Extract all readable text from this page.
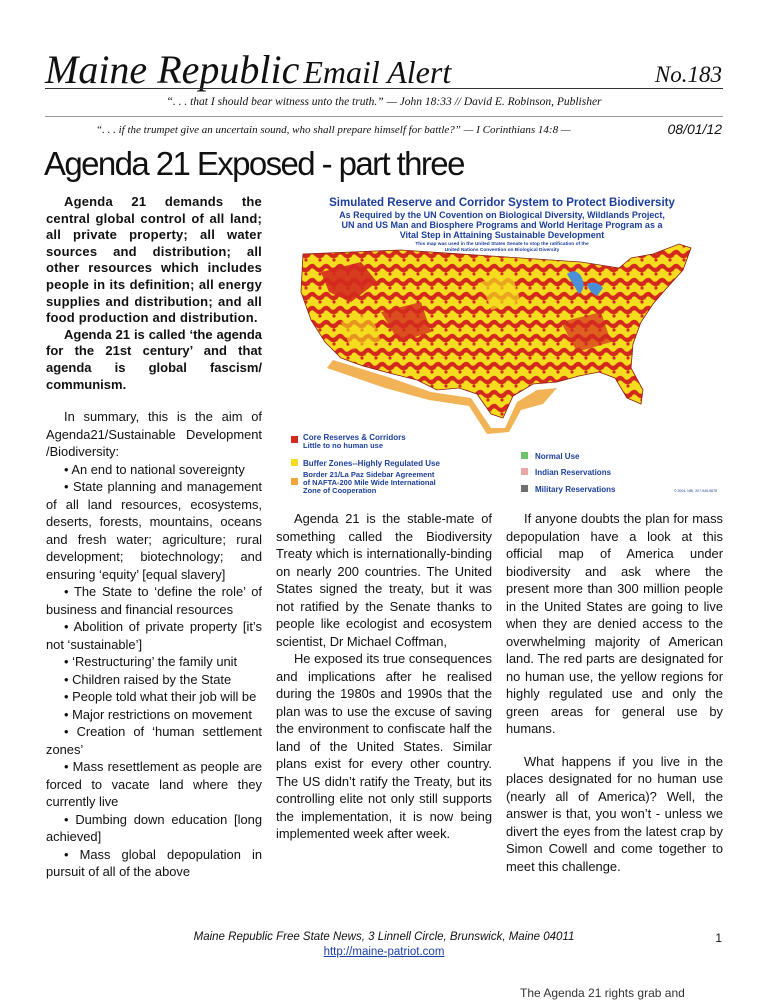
Maine Republic Email Alert	No.183
“. . . that I should bear witness unto the truth.” — John 18:33 // David E. Robinson, Publisher
“. . . if the trumpet give an uncertain sound, who shall prepare himself for battle?” — I Corinthians 14:8 —	08/01/12
Agenda 21 Exposed - part three

Agenda 21 demands the central global control of all land; all private property; all water sources and distribution; all other resources which includes people in its definition; all energy supplies and distribution; and all food production and distribution.

Agenda 21 is called ‘the agenda for the 21st century’ and that agenda is global fascism/ communism.

In summary, this is the aim of Agenda21/Sustainable Development /Biodiversity:

• An end to national sovereignty

• State planning and management of all land resources, ecosystems, deserts, forests, mountains, oceans and fresh water; agriculture; rural development; biotechnology; and ensuring ‘equity’ [equal slavery]

• The State to ‘define the role’ of business and financial resources

• Abolition of private property [it’s not ‘sustainable’]

• ‘Restructuring’ the family unit

• Children raised by the State

• People told what their job will be

• Major restrictions on movement

• Creation of ‘human settlement zones’

• Mass resettlement as people are forced to vacate land where they currently live

• Dumbing down education [long achieved]

• Mass global depopulation in pursuit of all of the above

Agenda 21 is the stable-mate of something called the Biodiversity Treaty which is internationally-binding on nearly 200 countries. The United States signed the treaty, but it was not ratified by the Senate thanks to people like ecologist and ecosystem scientist, Dr Michael Coffman,

He exposed its true consequences and implications after he realised during the 1980s and 1990s that the plan was to use the excuse of saving the environment to confiscate half the land of the United States. Similar plans exist for every other country. The US didn’t ratify the Treaty, but its controlling elite not only still supports the implementation, it is now being implemented week after week.

If anyone doubts the plan for mass depopulation have a look at this official map of America under biodiversity and ask where the present more than 300 million people in the United States are going to live when they are denied access to the overwhelming majority of American land. The red parts are designated for no human use, the yellow regions for highly regulated use and only the green areas for general use by humans.

What happens if you live in the places designated for no human use (nearly all of America)? Well, the answer is that, you won’t - unless we divert the eyes from the latest crap by Simon Cowell and come together to meet this challenge.

Simulated Reserve and Corridor System to Protect Biodiversity
As Required by the UN Covention on Biological Diversity, Wildlands Project,
UN and US Man and Biosphere Programs and World Heritage Program as a
Vital Step in Attaining Sustainable Development
This map was used in the United States Senate to stop the ratification of the
United Nations Convention on Biological Diversity
Core Reserves & Corridors
Little to no human use
Buffer Zones--Highly Regulated Use
Border 21/La Paz Sidebar Agreement
of NAFTA-200 Mile Wide International
Zone of Cooperation
Normal Use
Indian Reservations
Military Reservations	© 2004, NRI, 207-945-9878
Maine Republic Free State News, 3 Linnell Circle, Brunswick, Maine 04011
http://maine-patriot.com
1
The Agenda 21 rights grab and
